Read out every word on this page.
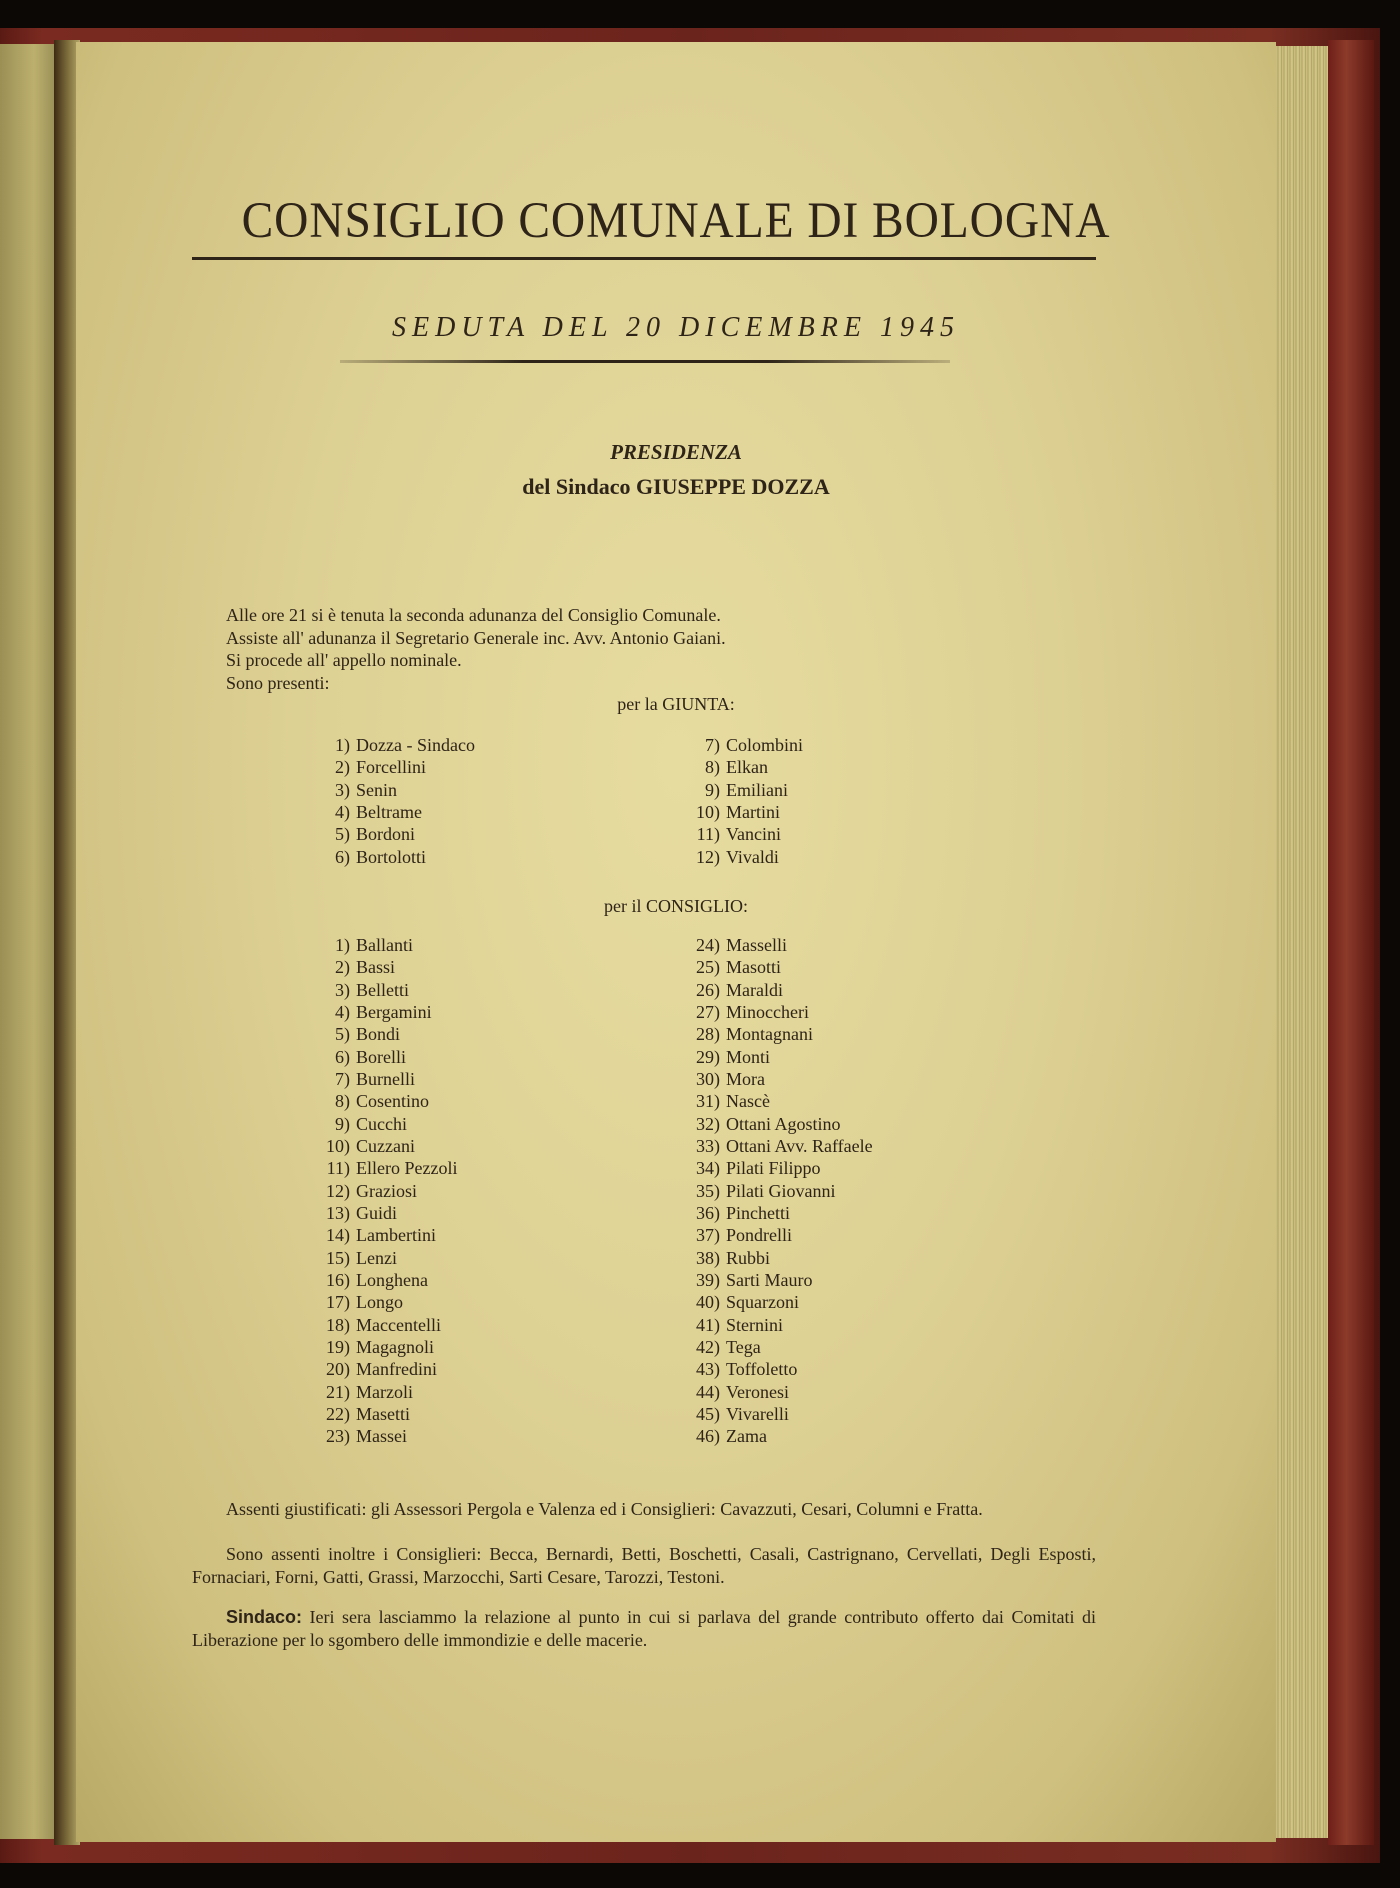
CONSIGLIO COMUNALE DI BOLOGNA
SEDUTA DEL 20 DICEMBRE 1945
PRESIDENZA
del Sindaco GIUSEPPE DOZZA
Alle ore 21 si è tenuta la seconda adunanza del Consiglio Comunale.
Assiste all' adunanza il Segretario Generale inc. Avv. Antonio Gaiani.
Si procede all' appello nominale.
Sono presenti:
per la GIUNTA:
1) Dozza - Sindaco
2) Forcellini
3) Senin
4) Beltrame
5) Bordoni
6) Bortolotti
7) Colombini
8) Elkan
9) Emiliani
10) Martini
11) Vancini
12) Vivaldi
per il CONSIGLIO:
1) Ballanti
2) Bassi
3) Belletti
4) Bergamini
5) Bondi
6) Borelli
7) Burnelli
8) Cosentino
9) Cucchi
10) Cuzzani
11) Ellero Pezzoli
12) Graziosi
13) Guidi
14) Lambertini
15) Lenzi
16) Longhena
17) Longo
18) Maccentelli
19) Magagnoli
20) Manfredini
21) Marzoli
22) Masetti
23) Massei
24) Masselli
25) Masotti
26) Maraldi
27) Minoccheri
28) Montagnani
29) Monti
30) Mora
31) Nascè
32) Ottani Agostino
33) Ottani Avv. Raffaele
34) Pilati Filippo
35) Pilati Giovanni
36) Pinchetti
37) Pondrelli
38) Rubbi
39) Sarti Mauro
40) Squarzoni
41) Sternini
42) Tega
43) Toffoletto
44) Veronesi
45) Vivarelli
46) Zama
Assenti giustificati: gli Assessori Pergola e Valenza ed i Consiglieri: Cavazzuti, Cesari, Columni e Fratta.
Sono assenti inoltre i Consiglieri: Becca, Bernardi, Betti, Boschetti, Casali, Castrignano, Cervellati, Degli Esposti, Fornaciari, Forni, Gatti, Grassi, Marzocchi, Sarti Cesare, Tarozzi, Testoni.
Sindaco: Ieri sera lasciammo la relazione al punto in cui si parlava del grande contributo offerto dai Comitati di Liberazione per lo sgombero delle immondizie e delle macerie.
